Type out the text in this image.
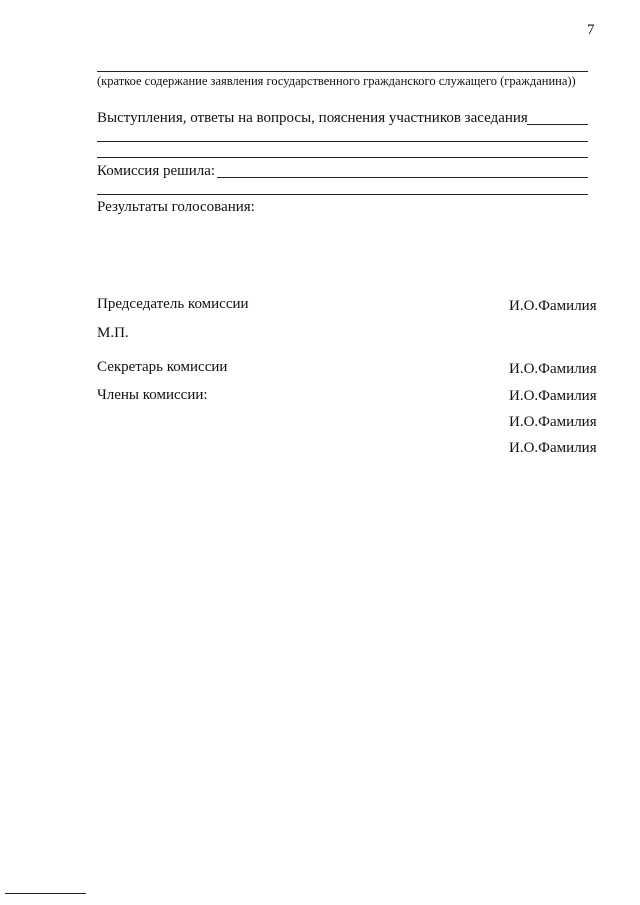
7
(краткое содержание заявления государственного гражданского служащего (гражданина))
Выступления, ответы на вопросы, пояснения участников заседания
Комиссия решила:
Результаты голосования:
Председатель комиссии	И.О.Фамилия
М.П.
Секретарь комиссии	И.О.Фамилия
Члены комиссии:	И.О.Фамилия
И.О.Фамилия
И.О.Фамилия
